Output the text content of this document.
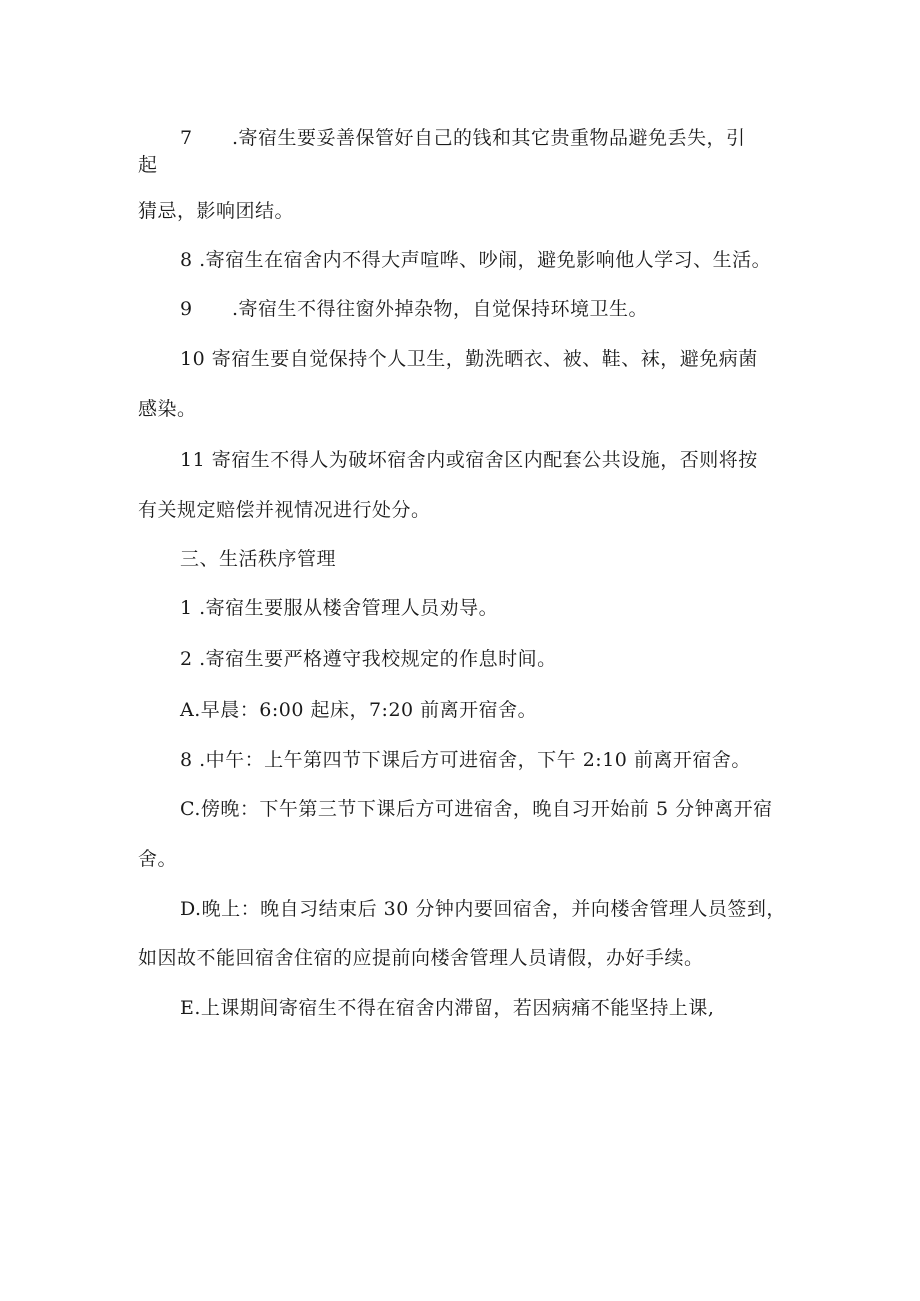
7 .寄宿生要妥善保管好自己的钱和其它贵重物品避免丢失，引
起
猜忌，影响团结。
8 .寄宿生在宿舍内不得大声喧哗、吵闹，避免影响他人学习、生活。
9 .寄宿生不得往窗外掉杂物，自觉保持环境卫生。
10 寄宿生要自觉保持个人卫生，勤洗晒衣、被、鞋、袜，避免病菌
感染。
11 寄宿生不得人为破坏宿舍内或宿舍区内配套公共设施，否则将按
有关规定赔偿并视情况进行处分。
三、生活秩序管理
1 .寄宿生要服从楼舍管理人员劝导。
2 .寄宿生要严格遵守我校规定的作息时间。
A.早晨：6:00 起床，7:20 前离开宿舍。
8 .中午：上午第四节下课后方可进宿舍，下午 2:10 前离开宿舍。
C.傍晚：下午第三节下课后方可进宿舍，晚自习开始前 5 分钟离开宿
舍。
D.晚上：晚自习结束后 30 分钟内要回宿舍，并向楼舍管理人员签到，
如因故不能回宿舍住宿的应提前向楼舍管理人员请假，办好手续。
E.上课期间寄宿生不得在宿舍内滞留，若因病痛不能坚持上课,
